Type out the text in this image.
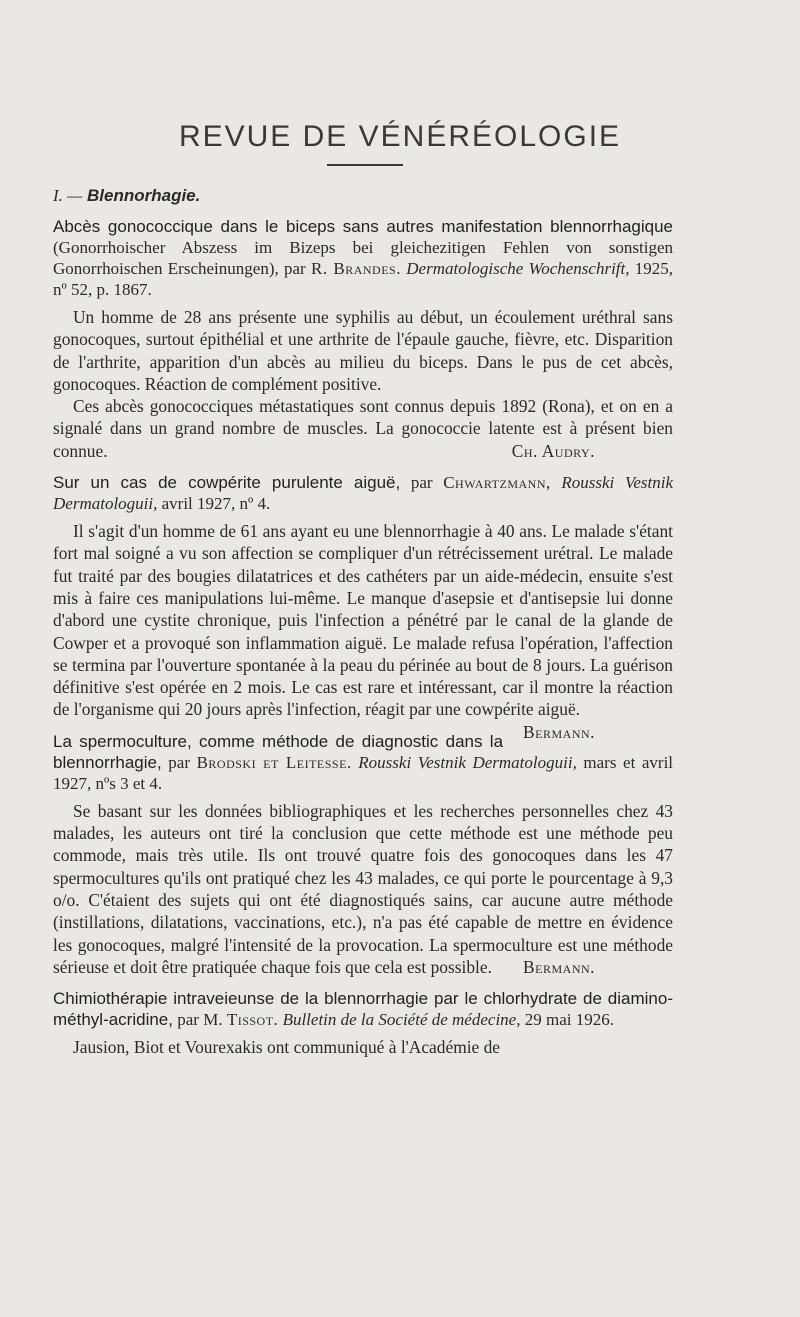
REVUE DE VÉNÉRÉOLOGIE
I. — Blennorhagie.

Abcès gonococcique dans le biceps sans autres manifestation blennorrhagique (Gonorrhoischer Abszess im Bizeps bei gleichezitigen Fehlen von sonstigen Gonorrhoischen Erscheinungen), par R. Brandes. Dermatologische Wochenschrift, 1925, nº 52, p. 1867.

Un homme de 28 ans présente une syphilis au début, un écoulement uréthral sans gonocoques, surtout épithélial et une arthrite de l'épaule gauche, fièvre, etc. Disparition de l'arthrite, apparition d'un abcès au milieu du biceps. Dans le pus de cet abcès, gonocoques. Réaction de complément positive.

Ces abcès gonococciques métastatiques sont connus depuis 1892 (Rona), et on en a signalé dans un grand nombre de muscles. La gonococcie latente est à présent bien connue.	Ch. Audry.

Sur un cas de cowpérite purulente aiguë, par Chwartzmann, Rousski Vestnik Dermatologuii, avril 1927, nº 4.

Il s'agit d'un homme de 61 ans ayant eu une blennorrhagie à 40 ans. Le malade s'étant fort mal soigné a vu son affection se compliquer d'un rétrécissement urétral. Le malade fut traité par des bougies dilatatrices et des cathéters par un aide-médecin, ensuite s'est mis à faire ces manipulations lui-même. Le manque d'asepsie et d'antisepsie lui donne d'abord une cystite chronique, puis l'infection a pénétré par le canal de la glande de Cowper et a provoqué son inflammation aiguë. Le malade refusa l'opération, l'affection se termina par l'ouverture spontanée à la peau du périnée au bout de 8 jours. La guérison définitive s'est opérée en 2 mois. Le cas est rare et intéressant, car il montre la réaction de l'organisme qui 20 jours après l'infection, réagit par une cowpérite aiguë.
Bermann.

La spermoculture, comme méthode de diagnostic dans la blennorrhagie, par Brodski et Leitesse. Rousski Vestnik Dermatologuii, mars et avril 1927, nºs 3 et 4.

Se basant sur les données bibliographiques et les recherches personnelles chez 43 malades, les auteurs ont tiré la conclusion que cette méthode est une méthode peu commode, mais très utile. Ils ont trouvé quatre fois des gonocoques dans les 47 spermocultures qu'ils ont pratiqué chez les 43 malades, ce qui porte le pourcentage à 9,3 o/o. C'étaient des sujets qui ont été diagnostiqués sains, car aucune autre méthode (instillations, dilatations, vaccinations, etc.), n'a pas été capable de mettre en évidence les gonocoques, malgré l'intensité de la provocation. La spermoculture est une méthode sérieuse et doit être pratiquée chaque fois que cela est possible.	Bermann.

Chimiothérapie intraveieunse de la blennorrhagie par le chlorhydrate de diamino-méthyl-acridine, par M. Tissot. Bulletin de la Société de médecine, 29 mai 1926.

Jausion, Biot et Vourexakis ont communiqué à l'Académie de
